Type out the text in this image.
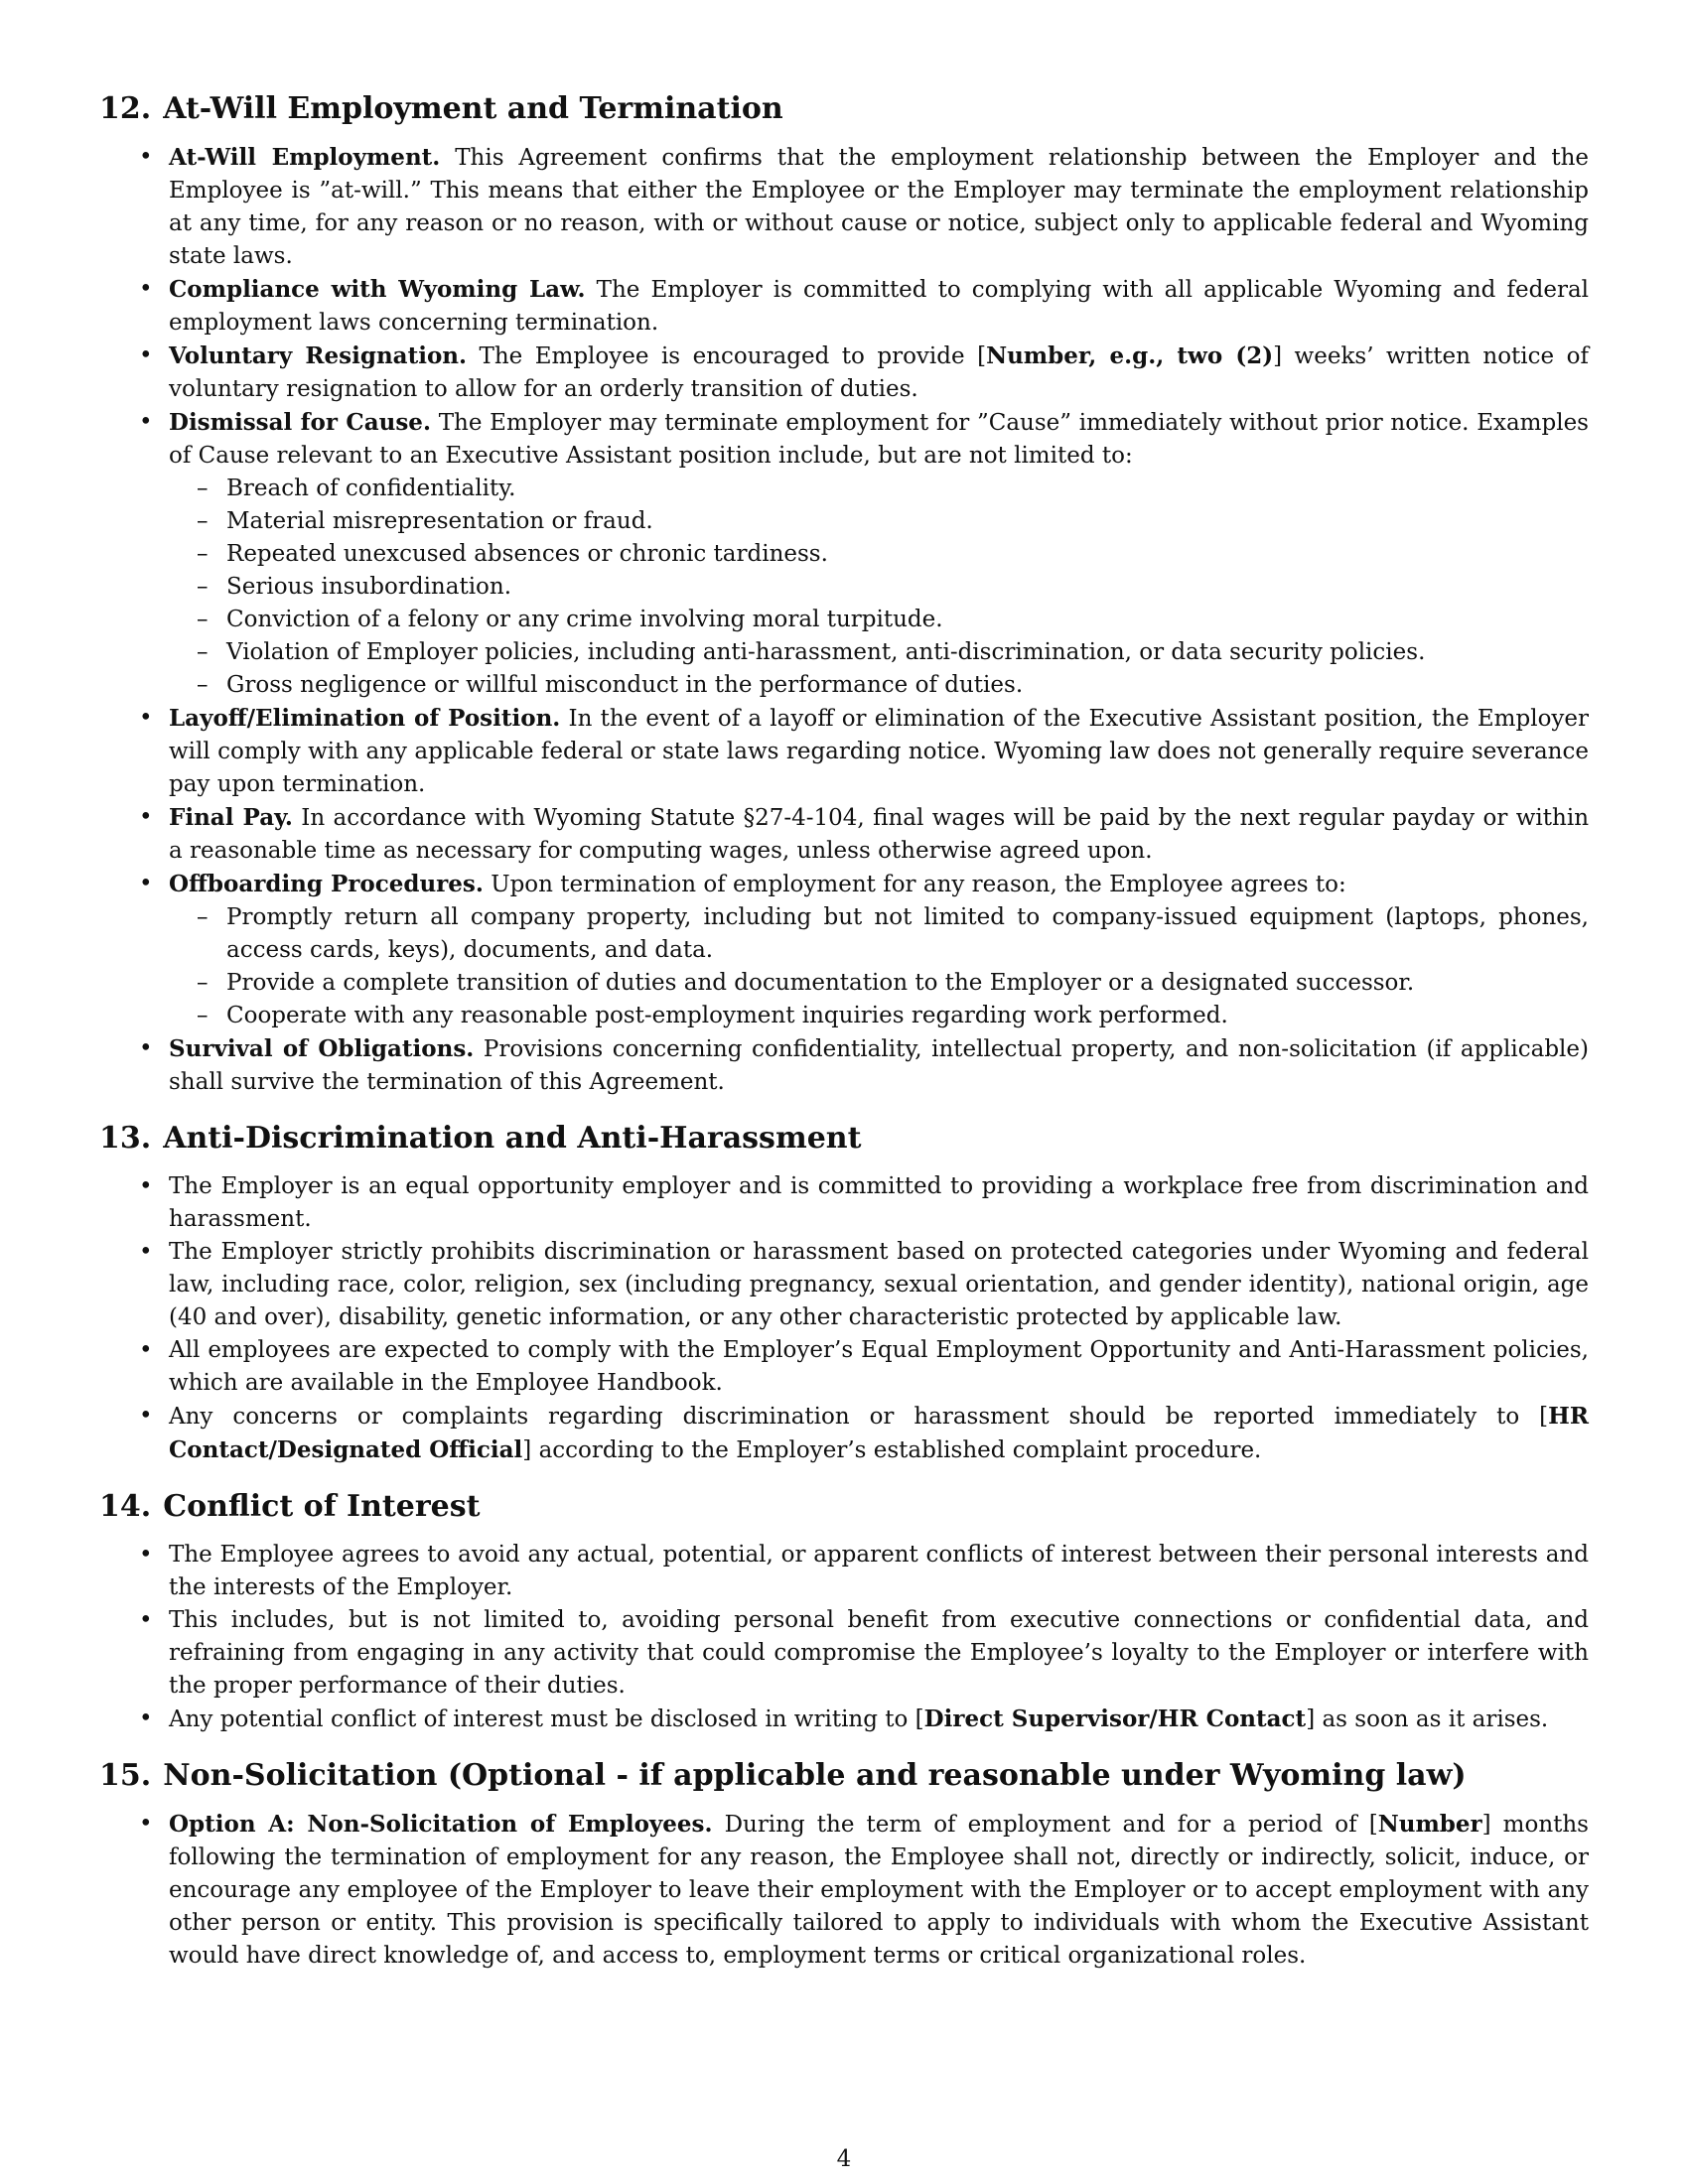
12. At-Will Employment and Termination
• At-Will Employment. This Agreement confirms that the employment relationship between the Employer and the Employee is ”at-will.” This means that either the Employee or the Employer may terminate the employment relationship at any time, for any reason or no reason, with or without cause or notice, subject only to applicable federal and Wyoming state laws.
• Compliance with Wyoming Law. The Employer is committed to complying with all applicable Wyoming and federal employment laws concerning termination.
• Voluntary Resignation. The Employee is encouraged to provide [Number, e.g., two (2)] weeks’ written notice of voluntary resignation to allow for an orderly transition of duties.
• Dismissal for Cause. The Employer may terminate employment for ”Cause” immediately without prior notice. Examples of Cause relevant to an Executive Assistant position include, but are not limited to:
– Breach of confidentiality.
– Material misrepresentation or fraud.
– Repeated unexcused absences or chronic tardiness.
– Serious insubordination.
– Conviction of a felony or any crime involving moral turpitude.
– Violation of Employer policies, including anti-harassment, anti-discrimination, or data security policies.
– Gross negligence or willful misconduct in the performance of duties.
• Layoff/Elimination of Position. In the event of a layoff or elimination of the Executive Assistant position, the Employer will comply with any applicable federal or state laws regarding notice. Wyoming law does not generally require severance pay upon termination.
• Final Pay. In accordance with Wyoming Statute §27-4-104, final wages will be paid by the next regular payday or within a reasonable time as necessary for computing wages, unless otherwise agreed upon.
• Offboarding Procedures. Upon termination of employment for any reason, the Employee agrees to:
– Promptly return all company property, including but not limited to company-issued equipment (laptops, phones, access cards, keys), documents, and data.
– Provide a complete transition of duties and documentation to the Employer or a designated successor.
– Cooperate with any reasonable post-employment inquiries regarding work performed.
• Survival of Obligations. Provisions concerning confidentiality, intellectual property, and non-solicitation (if applicable) shall survive the termination of this Agreement.
13. Anti-Discrimination and Anti-Harassment
• The Employer is an equal opportunity employer and is committed to providing a workplace free from discrimination and harassment.
• The Employer strictly prohibits discrimination or harassment based on protected categories under Wyoming and federal law, including race, color, religion, sex (including pregnancy, sexual orientation, and gender identity), national origin, age (40 and over), disability, genetic information, or any other characteristic protected by applicable law.
• All employees are expected to comply with the Employer’s Equal Employment Opportunity and Anti-Harassment policies, which are available in the Employee Handbook.
• Any concerns or complaints regarding discrimination or harassment should be reported immediately to [HR Contact/Designated Official] according to the Employer’s established complaint procedure.
14. Conflict of Interest
• The Employee agrees to avoid any actual, potential, or apparent conflicts of interest between their personal interests and the interests of the Employer.
• This includes, but is not limited to, avoiding personal benefit from executive connections or confidential data, and refraining from engaging in any activity that could compromise the Employee’s loyalty to the Employer or interfere with the proper performance of their duties.
• Any potential conflict of interest must be disclosed in writing to [Direct Supervisor/HR Contact] as soon as it arises.
15. Non-Solicitation (Optional - if applicable and reasonable under Wyoming law)
• Option A: Non-Solicitation of Employees. During the term of employment and for a period of [Number] months following the termination of employment for any reason, the Employee shall not, directly or indirectly, solicit, induce, or encourage any employee of the Employer to leave their employment with the Employer or to accept employment with any other person or entity. This provision is specifically tailored to apply to individuals with whom the Executive Assistant would have direct knowledge of, and access to, employment terms or critical organizational roles.
4
